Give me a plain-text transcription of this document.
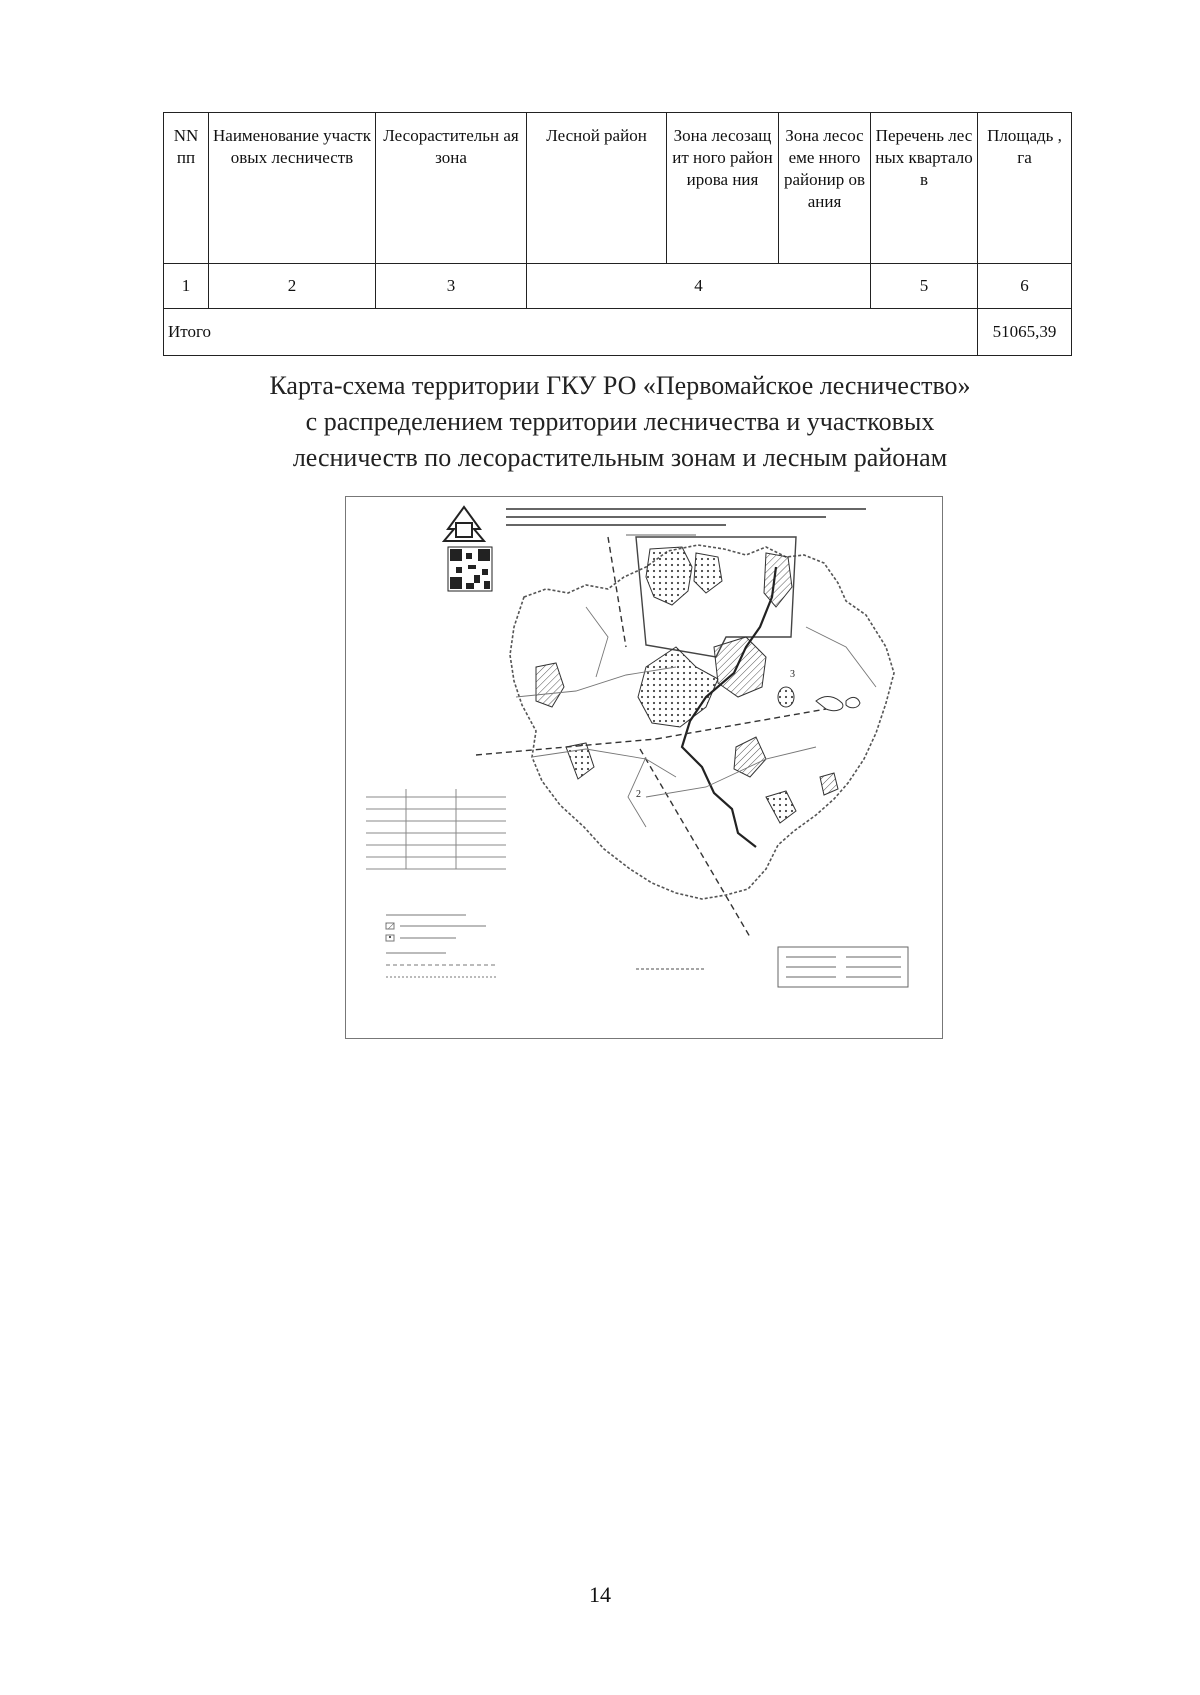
NN пп	Наименование участковых лесничеств	Лесорастительн ая зона	Лесной район	Зона лесозащит ного районирова ния	Зона лесосеме нного районир ования	Перечень лесных кварталов	Площадь , га
1	2	3	4			5	6
Итого							51065,39
Карта-схема территории ГКУ РО «Первомайское лесничество»
с распределением территории лесничества и участковых
лесничеств по лесорастительным зонам и лесным районам
2
3
14
